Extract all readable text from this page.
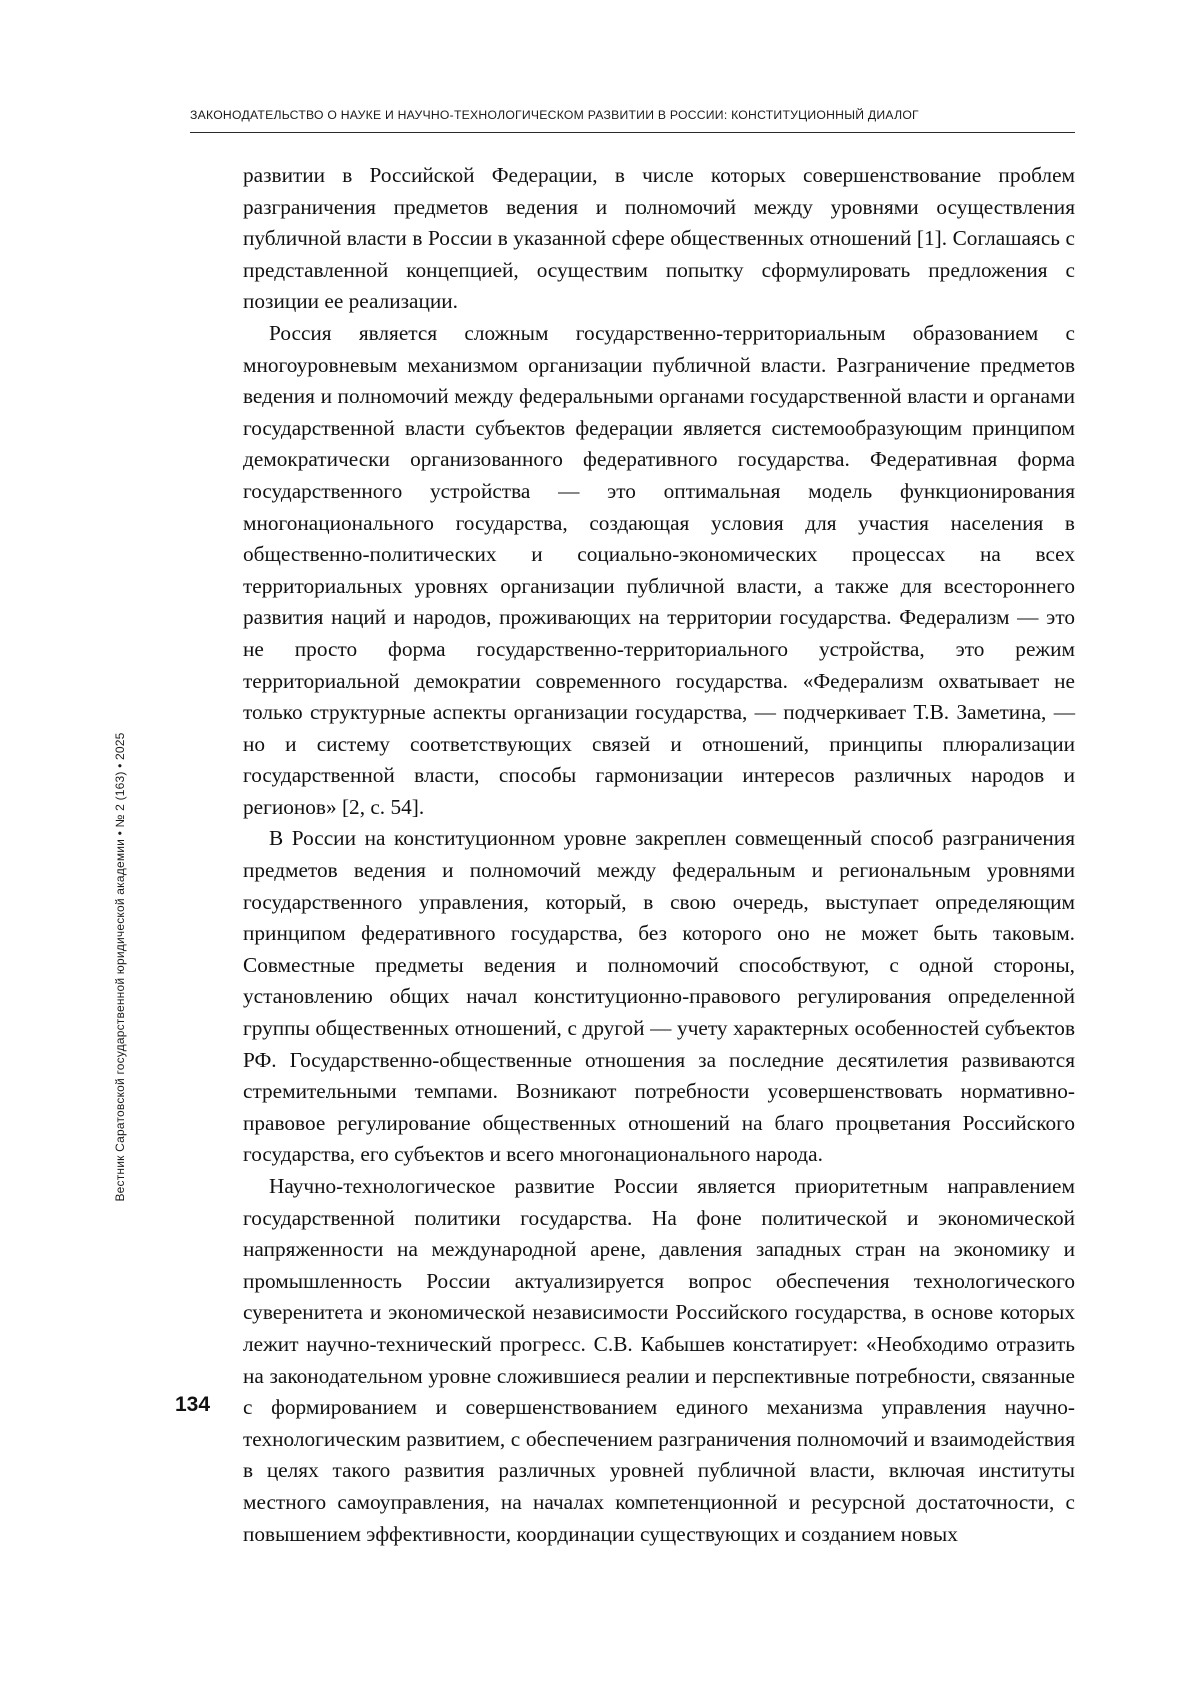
ЗАКОНОДАТЕЛЬСТВО О НАУКЕ И НАУЧНО-ТЕХНОЛОГИЧЕСКОМ РАЗВИТИИ В РОССИИ: КОНСТИТУЦИОННЫЙ ДИАЛОГ
Вестник Саратовской государственной юридической академии • № 2 (163) • 2025
134

развитии в Российской Федерации, в числе которых совершенствование проблем разграничения предметов ведения и полномочий между уровнями осуществления публичной власти в России в указанной сфере общественных отношений [1]. Соглашаясь с представленной концепцией, осуществим попытку сформулировать предложения с позиции ее реализации.

Россия является сложным государственно-территориальным образованием с многоуровневым механизмом организации публичной власти. Разграничение предметов ведения и полномочий между федеральными органами государственной власти и органами государственной власти субъектов федерации является системообразующим принципом демократически организованного федеративного государства. Федеративная форма государственного устройства — это оптимальная модель функционирования многонационального государства, создающая условия для участия населения в общественно-политических и социально-экономических процессах на всех территориальных уровнях организации публичной власти, а также для всестороннего развития наций и народов, проживающих на территории государства. Федерализм — это не просто форма государственно-территориального устройства, это режим территориальной демократии современного государства. «Федерализм охватывает не только структурные аспекты организации государства, — подчеркивает Т.В. Заметина, — но и систему соответствующих связей и отношений, принципы плюрализации государственной власти, способы гармонизации интересов различных народов и регионов» [2, с. 54].

В России на конституционном уровне закреплен совмещенный способ разграничения предметов ведения и полномочий между федеральным и региональным уровнями государственного управления, который, в свою очередь, выступает определяющим принципом федеративного государства, без которого оно не может быть таковым. Совместные предметы ведения и полномочий способствуют, с одной стороны, установлению общих начал конституционно-правового регулирования определенной группы общественных отношений, с другой — учету характерных особенностей субъектов РФ. Государственно-общественные отношения за последние десятилетия развиваются стремительными темпами. Возникают потребности усовершенствовать нормативно-правовое регулирование общественных отношений на благо процветания Российского государства, его субъектов и всего многонационального народа.

Научно-технологическое развитие России является приоритетным направлением государственной политики государства. На фоне политической и экономической напряженности на международной арене, давления западных стран на экономику и промышленность России актуализируется вопрос обеспечения технологического суверенитета и экономической независимости Российского государства, в основе которых лежит научно-технический прогресс. С.В. Кабышев констатирует: «Необходимо отразить на законодательном уровне сложившиеся реалии и перспективные потребности, связанные с формированием и совершенствованием единого механизма управления научно-технологическим развитием, с обеспечением разграничения полномочий и взаимодействия в целях такого развития различных уровней публичной власти, включая институты местного самоуправления, на началах компетенционной и ресурсной достаточности, с повышением эффективности, координации существующих и созданием новых
